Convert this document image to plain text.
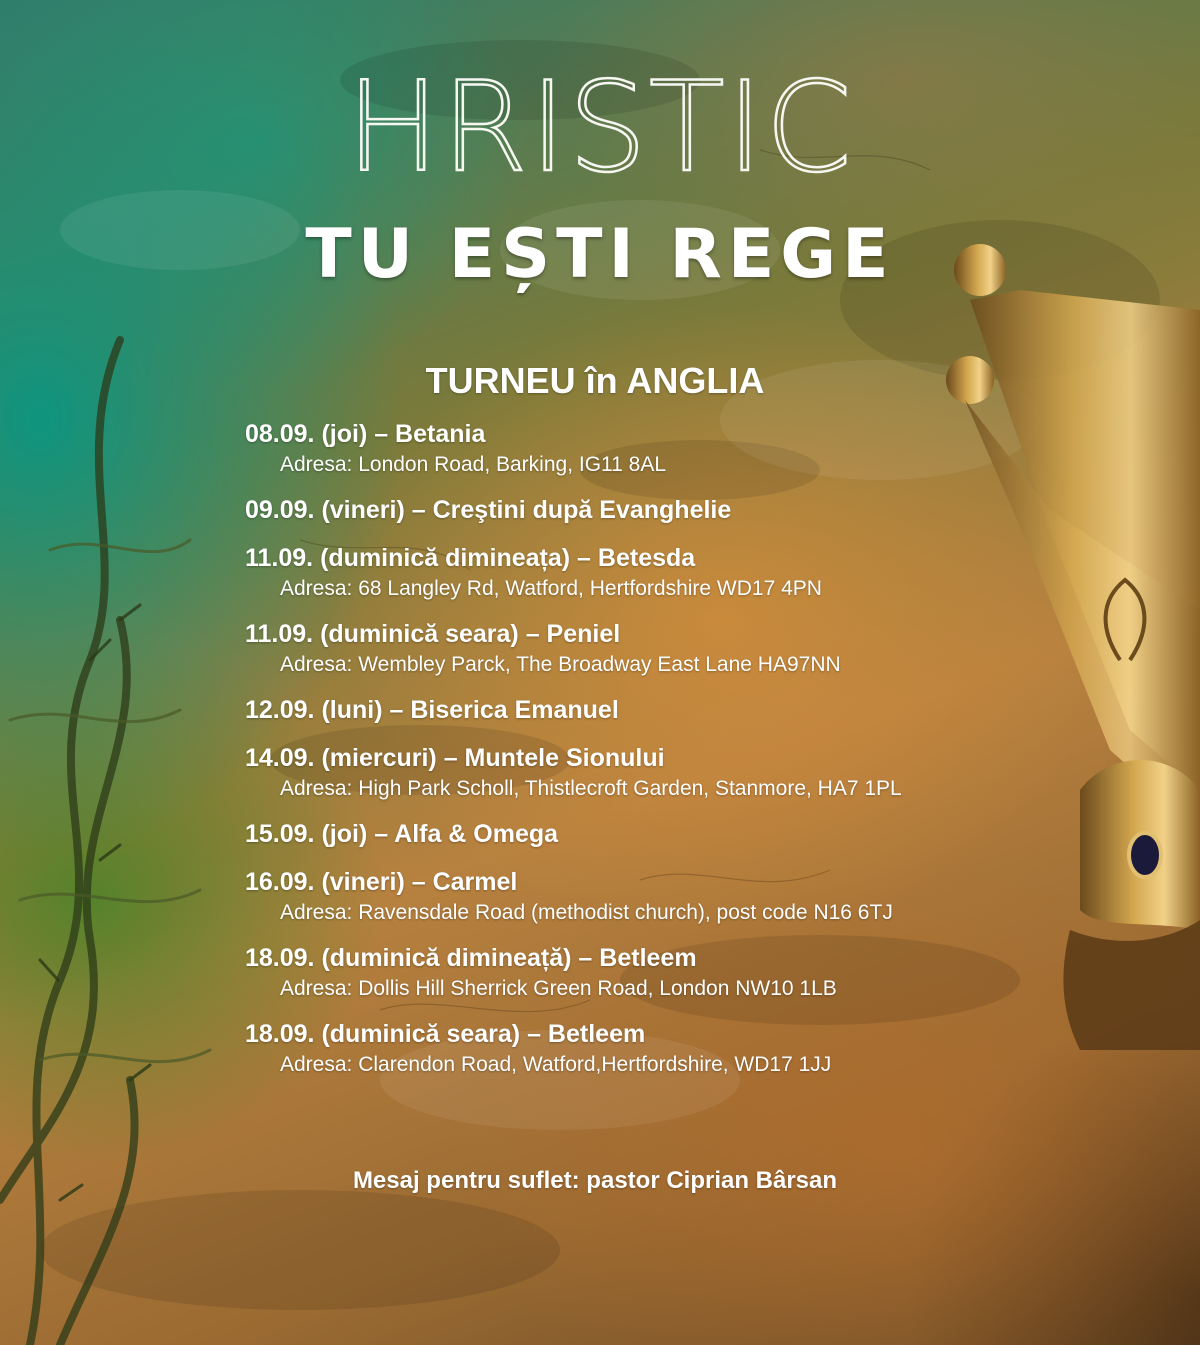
HRISTIC
TU EȘTI REGE
TURNEU în ANGLIA
08.09. (joi) – Betania
Adresa: London Road, Barking, IG11 8AL
09.09. (vineri) – Creştini după Evanghelie
11.09. (duminică dimineața) – Betesda
Adresa: 68 Langley Rd, Watford, Hertfordshire WD17 4PN
11.09. (duminică seara) – Peniel
Adresa: Wembley Parck, The Broadway East Lane HA97NN
12.09. (luni) – Biserica Emanuel
14.09. (miercuri) – Muntele Sionului
Adresa: High Park Scholl, Thistlecroft Garden, Stanmore, HA7 1PL
15.09. (joi) – Alfa & Omega
16.09. (vineri) – Carmel
Adresa: Ravensdale Road (methodist church), post code N16 6TJ
18.09. (duminică dimineață) – Betleem
Adresa: Dollis Hill Sherrick Green Road, London NW10 1LB
18.09. (duminică seara) – Betleem
Adresa: Clarendon Road, Watford,Hertfordshire, WD17 1JJ

Mesaj pentru suflet: pastor Ciprian Bârsan
